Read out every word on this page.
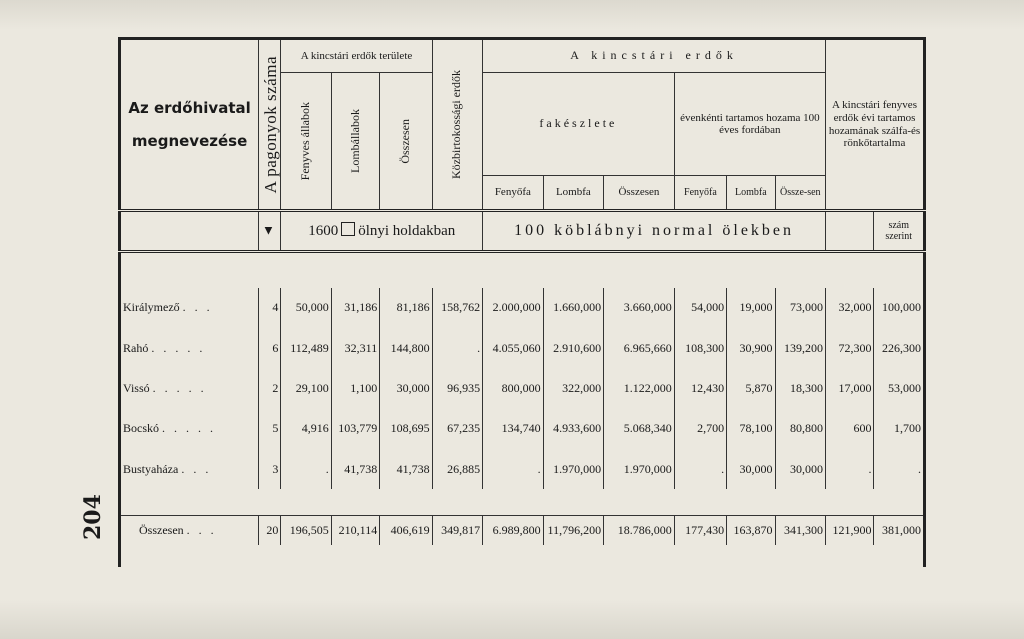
204
Az erdőhivatal megnevezése	A pagonyok száma	A kincstári erdők területe			Közbirtokossági erdők	A kincstári erdők						A kincstári fenyves erdők évi tartamos hozamának szálfa-és rönkőtartalma	

		Fenyves állabok	Lombállabok	Összesen		fakészlete			évenkénti tartamos hozama 100 éves fordában				
						Fenyőfa	Lombfa	Összesen	Fenyőfa	Lombfa	Össze-sen		

	▲	1600 ölnyi holdakban				100 köblábnyi normal ölekben							szám szerint

Királymező . . .	4	50,000	31,186	81,186	158,762	2.000,000	1.660,000	3.660,000	54,000	19,000	73,000	32,000	100,000
Rahó . . . . .	6	112,489	32,311	144,800	.	4.055,060	2.910,600	6.965,660	108,300	30,900	139,200	72,300	226,300
Vissó . . . . .	2	29,100	1,100	30,000	96,935	800,000	322,000	1.122,000	12,430	5,870	18,300	17,000	53,000
Bocskó . . . . .	5	4,916	103,779	108,695	67,235	134,740	4.933,600	5.068,340	2,700	78,100	80,800	600	1,700
Bustyaháza . . .	3	.	41,738	41,738	26,885	.	1.970,000	1.970,000	.	30,000	30,000	.	.

Összesen . . .	20	196,505	210,114	406,619	349,817	6.989,800	11,796,200	18.786,000	177,430	163,870	341,300	121,900	381,000
